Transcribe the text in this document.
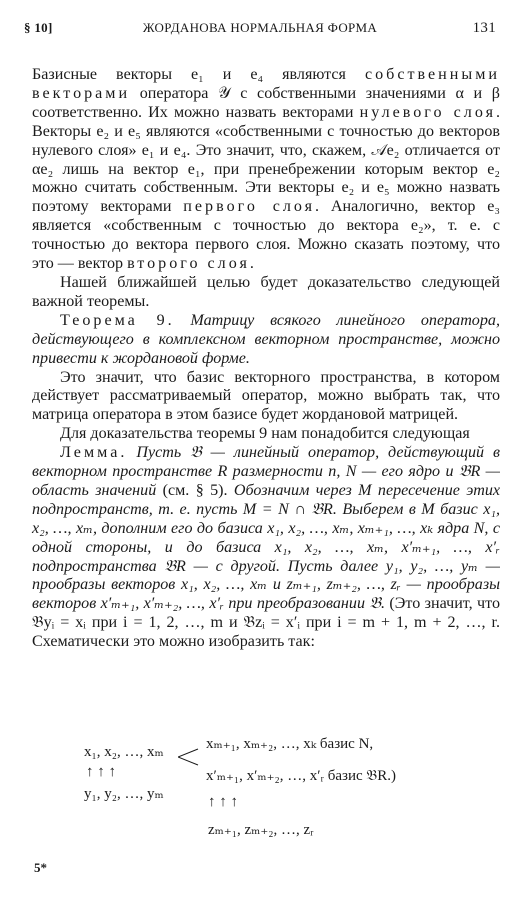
§ 10]	ЖОРДАНОВА НОРМАЛЬНАЯ ФОРМА	131

Базисные векторы e₁ и e₄ являются собственными векторами оператора 𝒴 с собственными значениями α и β соответственно. Их можно назвать векторами нулевого слоя. Векторы e₂ и e₅ являются «собственными с точностью до векторов нулевого слоя» e₁ и e₄. Это значит, что, скажем, 𝒜e₂ отличается от αe₂ лишь на вектор e₁, при пренебрежении которым вектор e₂ можно считать собственным. Эти векторы e₂ и e₅ можно назвать поэтому векторами первого слоя. Аналогично, вектор e₃ является «собственным с точностью до вектора e₂», т. е. с точностью до вектора первого слоя. Можно сказать поэтому, что это — вектор второго слоя.

Нашей ближайшей целью будет доказательство следующей важной теоремы.

Теорема 9. Матрицу всякого линейного оператора, действующего в комплексном векторном пространстве, можно привести к жордановой форме.

Это значит, что базис векторного пространства, в котором действует рассматриваемый оператор, можно выбрать так, что матрица оператора в этом базисе будет жордановой матрицей.

Для доказательства теоремы 9 нам понадобится следующая

Лемма. Пусть 𝔅 — линейный оператор, действующий в векторном пространстве R размерности n, N — его ядро и 𝔅R — область значений (см. § 5). Обозначим через M пересечение этих подпространств, т. е. пусть M = N ∩ 𝔅R. Выберем в M базис x₁, x₂, …, xₘ, дополним его до базиса x₁, x₂, …, xₘ, xₘ₊₁, …, xₖ ядра N, с одной стороны, и до базиса x₁, x₂, …, xₘ, x′ₘ₊₁, …, x′ᵣ подпространства 𝔅R — с другой. Пусть далее y₁, y₂, …, yₘ — прообразы векторов x₁, x₂, …, xₘ и zₘ₊₁, zₘ₊₂, …, zᵣ — прообразы векторов x′ₘ₊₁, x′ₘ₊₂, …, x′ᵣ при преобразовании 𝔅. (Это значит, что 𝔅yᵢ = xᵢ при i = 1, 2, …, m и 𝔅zᵢ = x′ᵢ при i = m + 1, m + 2, …, r. Схематически это можно изобразить так:

x₁, x₂, …, xₘ	xₘ₊₁, xₘ₊₂, …, xₖ базис N,
x′ₘ₊₁, x′ₘ₊₂, …, x′ᵣ базис 𝔅R.)
↑ ↑ ↑
↑ ↑ ↑
y₁, y₂, …, yₘ
zₘ₊₁, zₘ₊₂, …, zᵣ
5*
